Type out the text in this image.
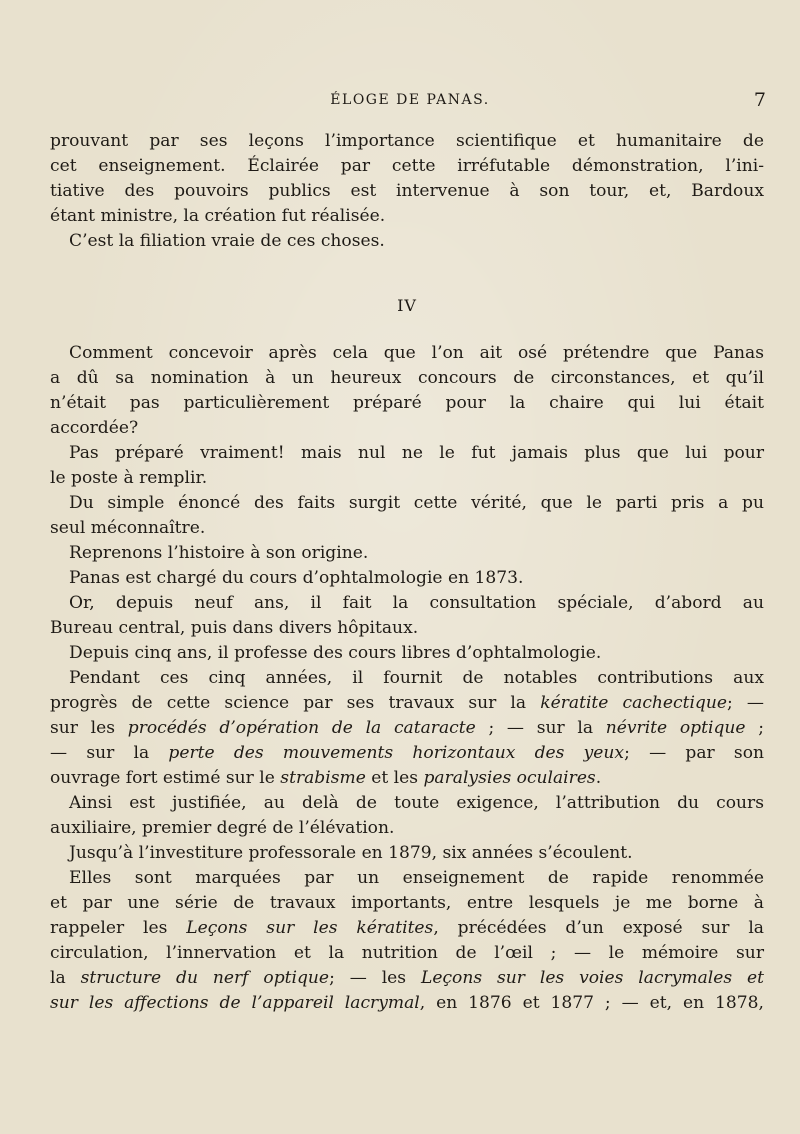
ÉLOGE DE PANAS.	7
prouvant par ses leçons l’importance scientifique et humanitaire de
cet enseignement. Éclairée par cette irréfutable démonstration, l’ini-
tiative des pouvoirs publics est intervenue à son tour, et, Bardoux
étant ministre, la création fut réalisée.
C’est la filiation vraie de ces choses.
IV
Comment concevoir après cela que l’on ait osé prétendre que Panas
a dû sa nomination à un heureux concours de circonstances, et qu’il
n’était pas particulièrement préparé pour la chaire qui lui était
accordée?
Pas préparé vraiment! mais nul ne le fut jamais plus que lui pour
le poste à remplir.
Du simple énoncé des faits surgit cette vérité, que le parti pris a pu
seul méconnaître.
Reprenons l’histoire à son origine.
Panas est chargé du cours d’ophtalmologie en 1873.
Or, depuis neuf ans, il fait la consultation spéciale, d’abord au
Bureau central, puis dans divers hôpitaux.
Depuis cinq ans, il professe des cours libres d’ophtalmologie.
Pendant ces cinq années, il fournit de notables contributions aux
progrès de cette science par ses travaux sur la kératite cachectique; —
sur les procédés d’opération de la cataracte ; — sur la névrite optique ;
— sur la perte des mouvements horizontaux des yeux; — par son
ouvrage fort estimé sur le strabisme et les paralysies oculaires.
Ainsi est justifiée, au delà de toute exigence, l’attribution du cours
auxiliaire, premier degré de l’élévation.
Jusqu’à l’investiture professorale en 1879, six années s’écoulent.
Elles sont marquées par un enseignement de rapide renommée
et par une série de travaux importants, entre lesquels je me borne à
rappeler les Leçons sur les kératites, précédées d’un exposé sur la
circulation, l’innervation et la nutrition de l’œil ; — le mémoire sur
la structure du nerf optique; — les Leçons sur les voies lacrymales et
sur les affections de l’appareil lacrymal, en 1876 et 1877 ; — et, en 1878,
